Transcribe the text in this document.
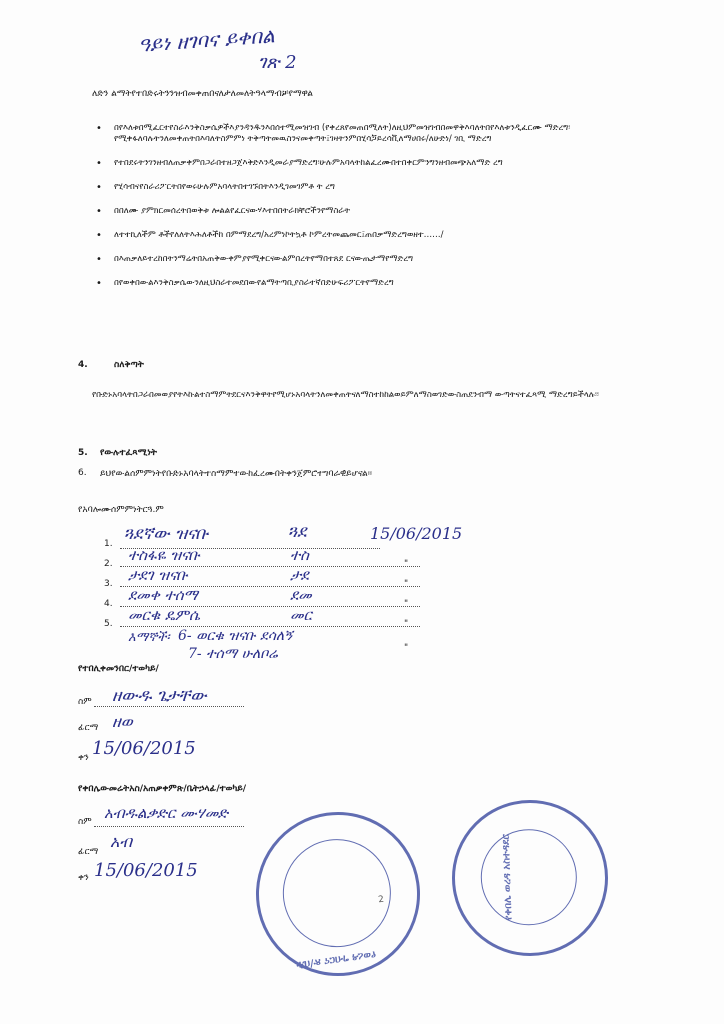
ዓይነ ዘገባና ይቀበል
ገጽ 2
ለድን ልማትየተበድሩትንንዝብመቀጠበናለታለመለትዓላማብቻየማዋል
• በየእለቱበሚፈርተየስራእንቅስቃሴዎችእያንዳንዱንእበሰተሚመዝገብ (የቀረጸየመጠበሚለት)ለዚህምመዝገብበመዋቅእባለትበየእለቱንዲፈርሙ ማድረግ፡የሚቀፋለባሉትንለመቀጠትበእባለትስምምነ ትቅጣትመዉስንናመቀጣት፤ገዛትንምበሂሳጛይረሳቪለማሀበሩ/ለሁድነ/ ገቢ ማድረግ
• የተበደሩትንገንዘብለጠቃቀምበጋራበተዘጋጀእቅድእንዲመራያማድረግ፡ሁሉምአባላትከልፈረሙበተበቀርምንግንዘብመጭአለማድ ረግ
• የሂሳብናየስራሪፖርትበየወሩሁሉምአባላትበተገኙበትእንዲገመገምቶ ት ረግ
• በበለሙ ያምክርመሰረትበወቅቱ ሎልልየፈርናውሃእተበበትራክቸሮችንየማስራት
• ለተተኪለችም ቶችየለለትእሕለቶችከ በምማደረግ/አረምነኮትኳቶ ኮምረትመጨመር፤ጠበቃማድረግወዘተ……/
• በእጠቃለይተረከበትንማሬትበአጠቅውቀምያየሚቀርናውልምበረትየማበተጸደ ርናውጤታማየማድረግ
• በየወቀበውልእንቅስቃሴውንለዚህስራተመደበውየልማትጣቢያስራተኛበድሁፍሪፖርትየማድረግ
4.	ስለቅጣት
የቡድኑአባላትበጋራበመወያየትእኩልተስማምትደርናእንቅዋትየሚሆኑአባላትንለመቀጠትናለማስተከከልወይምለማስወገድውስጠደንብማ ውጣትናተፈጻሚ ማድረግይችላሉ፡፡
5. የውሉተፈጻሚነት
6. ይህየውልሰምምነትየቡድኑአባላትተስማምተውከፈረሙበትቀንጀምሮተግባራዊይሆናል፡፡
የአባሎሙሰምምነትርጓ.ም
1. ጓደኛው ዝናቡ	ጓደ	15/06/2015
2. ተስፋዬ ዝናቡ	ተስ	"
3. ታደገ ዝናቡ	ታደ	"
4. ደመቀ ተሰማ	ደመ	"
5. መርቁ ዴምሴ	መር	"
እማኞች፡ 6- ወርቁ ዝናቡ ደሳለኝ
7- ተሰማ ሁለቦሬ	"
የተበሊቀመንበር/ተወካይ/
ስም ዘውዱ ጌታቸው
ፊርማ ዘወ
ቀን 15/06/2015
የቀበሌውመሬትአስ/አጠቃቀምጽ/ቤትኃላፊ/ተወካይ/
ስም አብዱልቃድር ሙሃመድ
ፊርማ
አብ
ቀን 15/06/2015
የወረዳ ግብርና ጽ/ቤት
2	የቀበሌ ወረዳ አስተዳደር
